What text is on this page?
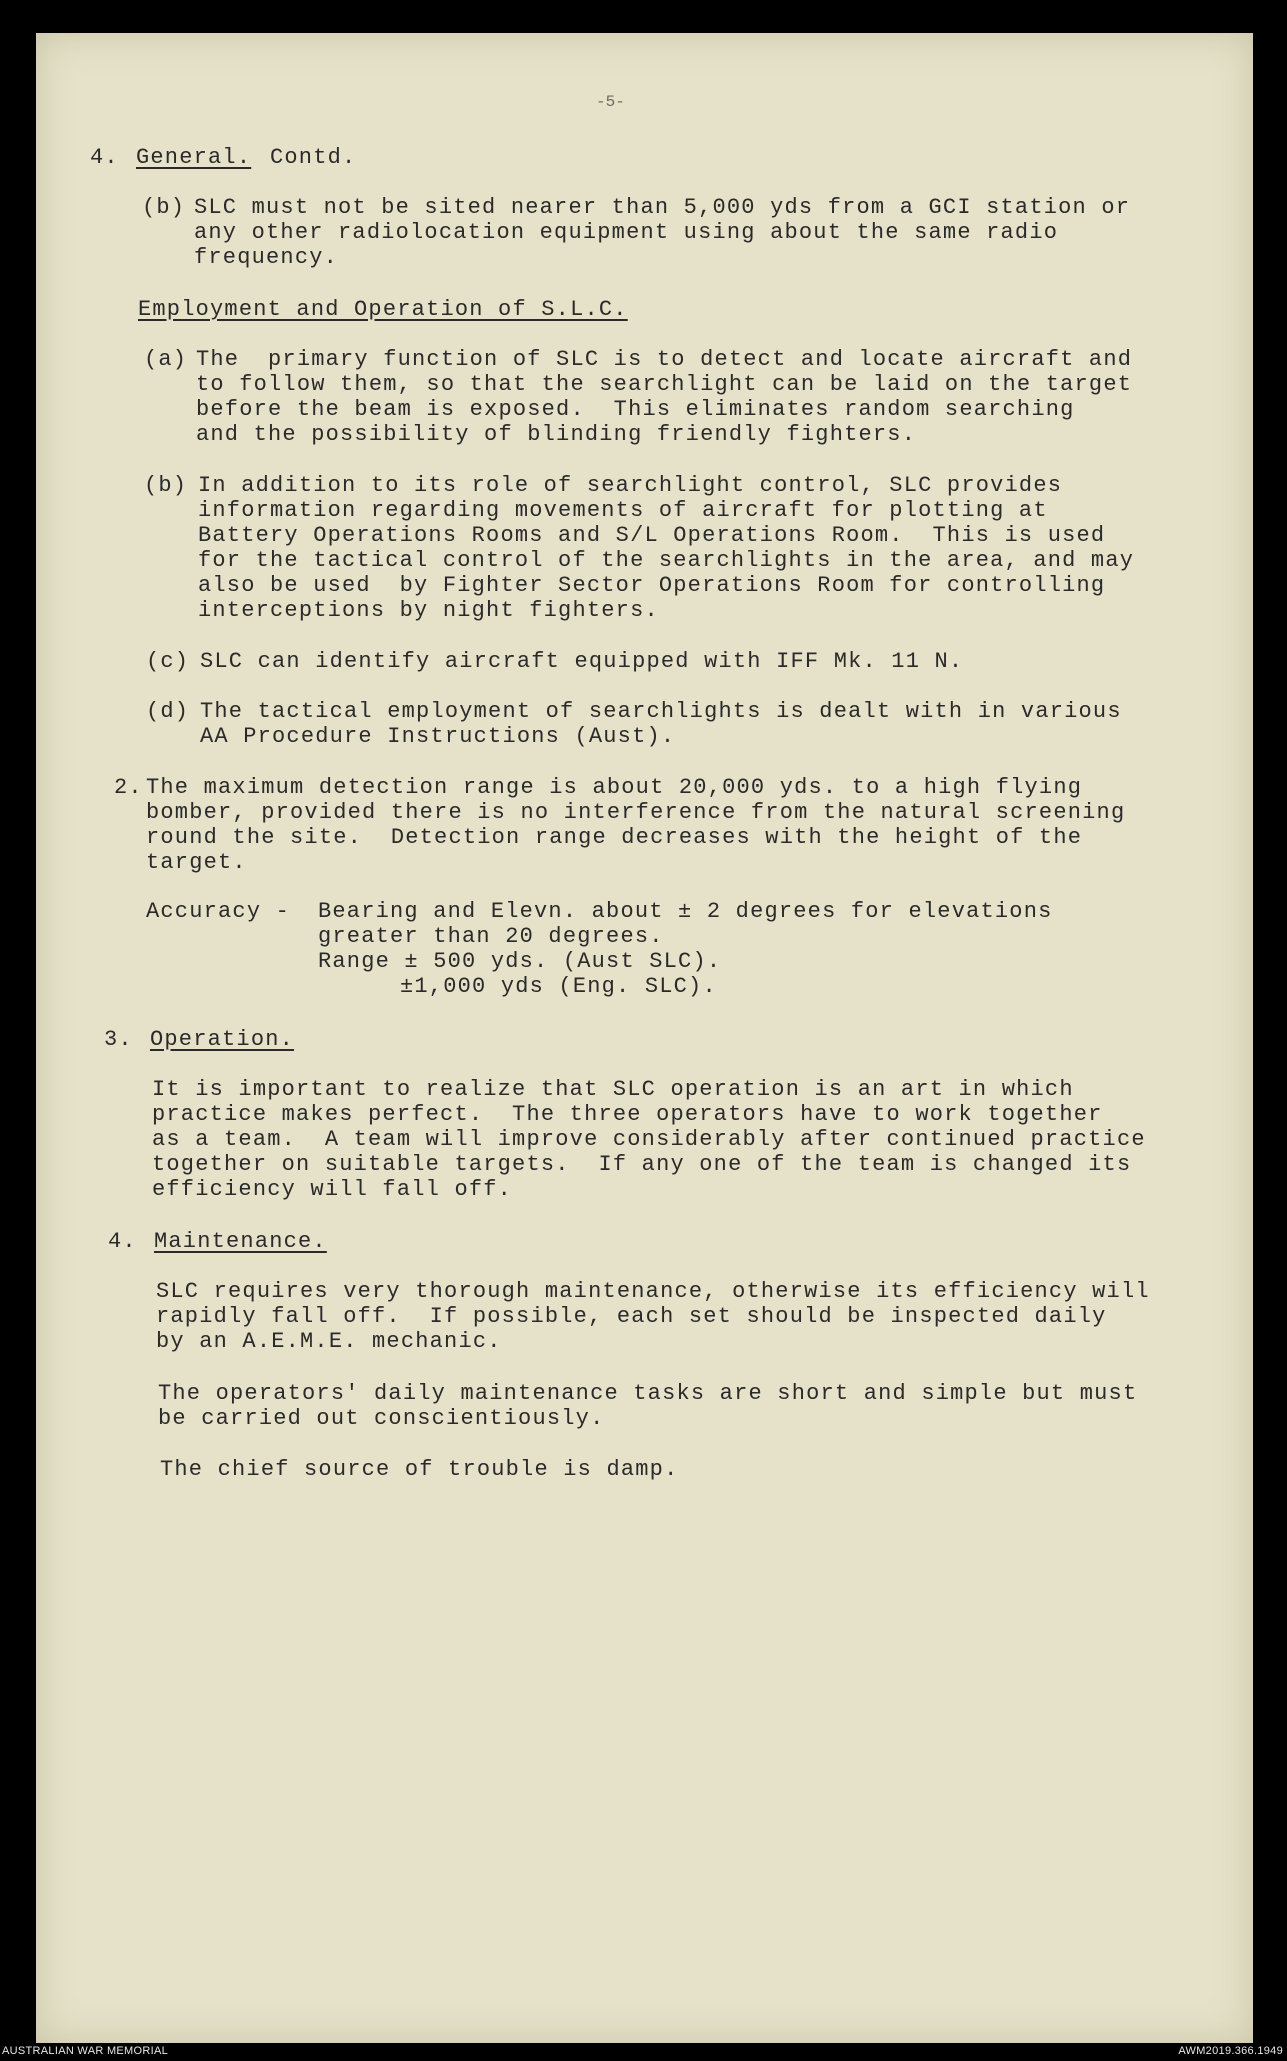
-5-
4. General. Contd.
(b) SLC must not be sited nearer than 5,000 yds from a GCI station or
any other radiolocation equipment using about the same radio
frequency.
Employment and Operation of S.L.C.
(a) The  primary function of SLC is to detect and locate aircraft and
to follow them, so that the searchlight can be laid on the target
before the beam is exposed.  This eliminates random searching
and the possibility of blinding friendly fighters.
(b) In addition to its role of searchlight control, SLC provides
information regarding movements of aircraft for plotting at
Battery Operations Rooms and S/L Operations Room.  This is used
for the tactical control of the searchlights in the area, and may
also be used  by Fighter Sector Operations Room for controlling
interceptions by night fighters.
(c) SLC can identify aircraft equipped with IFF Mk. 11 N.
(d) The tactical employment of searchlights is dealt with in various
AA Procedure Instructions (Aust).
2. The maximum detection range is about 20,000 yds. to a high flying
bomber, provided there is no interference from the natural screening
round the site.  Detection range decreases with the height of the
target.
Accuracy - Bearing and Elevn. about ± 2 degrees for elevations
greater than 20 degrees.
Range ± 500 yds. (Aust SLC).
±1,000 yds (Eng. SLC).
3. Operation.
It is important to realize that SLC operation is an art in which
practice makes perfect.  The three operators have to work together
as a team.  A team will improve considerably after continued practice
together on suitable targets.  If any one of the team is changed its
efficiency will fall off.
4. Maintenance.
SLC requires very thorough maintenance, otherwise its efficiency will
rapidly fall off.  If possible, each set should be inspected daily
by an A.E.M.E. mechanic.
The operators' daily maintenance tasks are short and simple but must
be carried out conscientiously.
The chief source of trouble is damp.
AUSTRALIAN WAR MEMORIAL	AWM2019.366.1949
